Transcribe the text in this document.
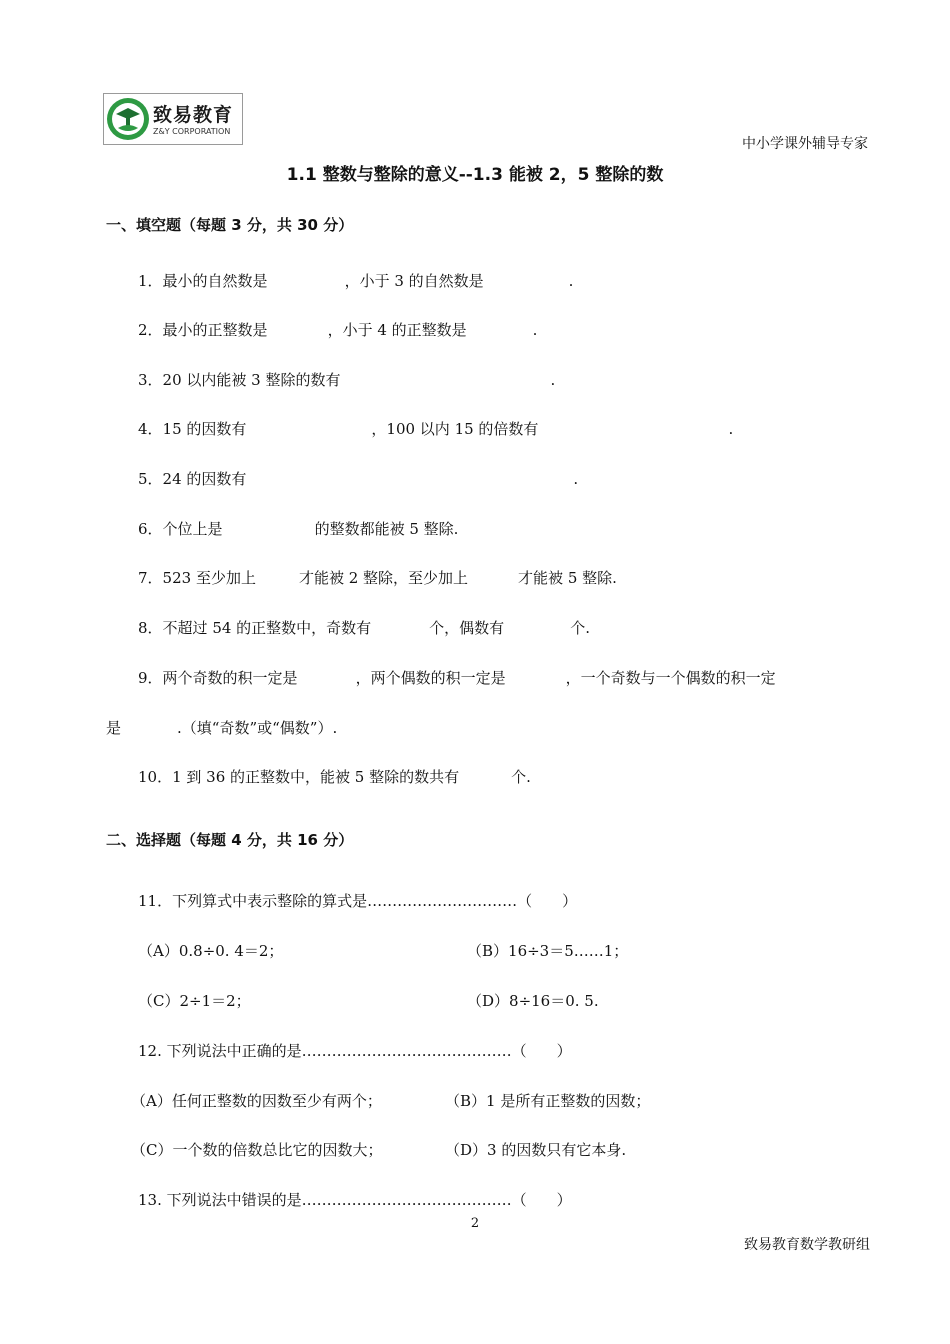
致易教育
Z&Y CORPORATION
中小学课外辅导专家
1.1 整数与整除的意义--1.3 能被 2，5 整除的数
一、填空题（每题 3 分，共 30 分）
1．最小的自然数是	，小于 3 的自然数是	.
2．最小的正整数是	，小于 4 的正整数是	.
3．20 以内能被 3 整除的数有	.
4．15 的因数有	，100 以内 15 的倍数有	.
5．24 的因数有	.
6．个位上是	的整数都能被 5 整除.
7．523 至少加上	才能被 2 整除，至少加上	才能被 5 整除.
8．不超过 54 的正整数中，奇数有	个，偶数有	个.
9．两个奇数的积一定是	，两个偶数的积一定是	，一个奇数与一个偶数的积一定
是	.（填“奇数”或“偶数”）.
10．1 到 36 的正整数中，能被 5 整除的数共有	个.
二、选择题（每题 4 分，共 16 分）
11．下列算式中表示整除的算式是…………………………（　　）
（A）0.8÷0. 4＝2；	（B）16÷3＝5……1；
（C）2÷1＝2；	（D）8÷16＝0. 5.
12. 下列说法中正确的是……………………………………（　　）
（A）任何正整数的因数至少有两个；	（B）1 是所有正整数的因数；
（C）一个数的倍数总比它的因数大；	（D）3 的因数只有它本身.
13. 下列说法中错误的是……………………………………（　　）
2
致易教育数学教研组
